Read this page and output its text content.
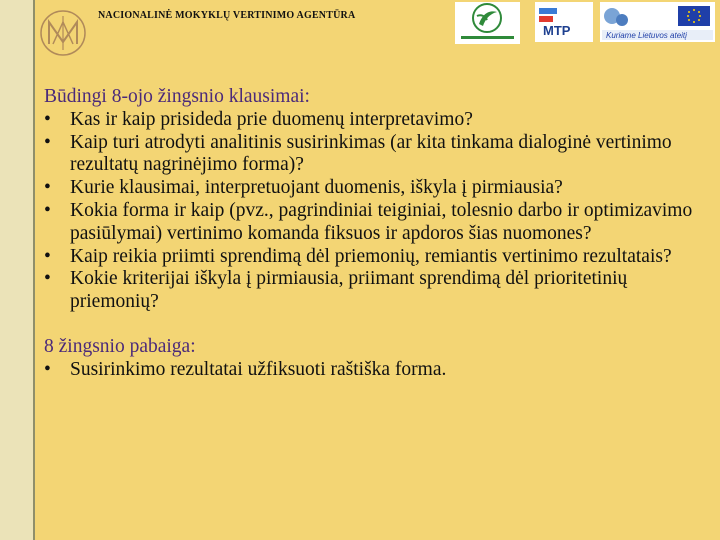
NACIONALINĖ MOKYKLŲ VERTINIMO AGENTŪRA
MTP	Kuriame Lietuvos ateitį
Būdingi 8-ojo žingsnio klausimai:
• Kas ir kaip prisideda prie duomenų interpretavimo?
• Kaip turi atrodyti analitinis susirinkimas (ar kita tinkama dialoginė vertinimo rezultatų nagrinėjimo forma)?
• Kurie klausimai, interpretuojant duomenis, iškyla į pirmiausia?
• Kokia forma ir kaip (pvz., pagrindiniai teiginiai, tolesnio darbo ir optimizavimo pasiūlymai) vertinimo komanda fiksuos ir apdoros šias nuomones?
• Kaip reikia priimti sprendimą dėl priemonių, remiantis vertinimo rezultatais?
• Kokie kriterijai iškyla į pirmiausia, priimant sprendimą dėl prioritetinių priemonių?
8 žingsnio pabaiga:
• Susirinkimo rezultatai užfiksuoti raštiška forma.
